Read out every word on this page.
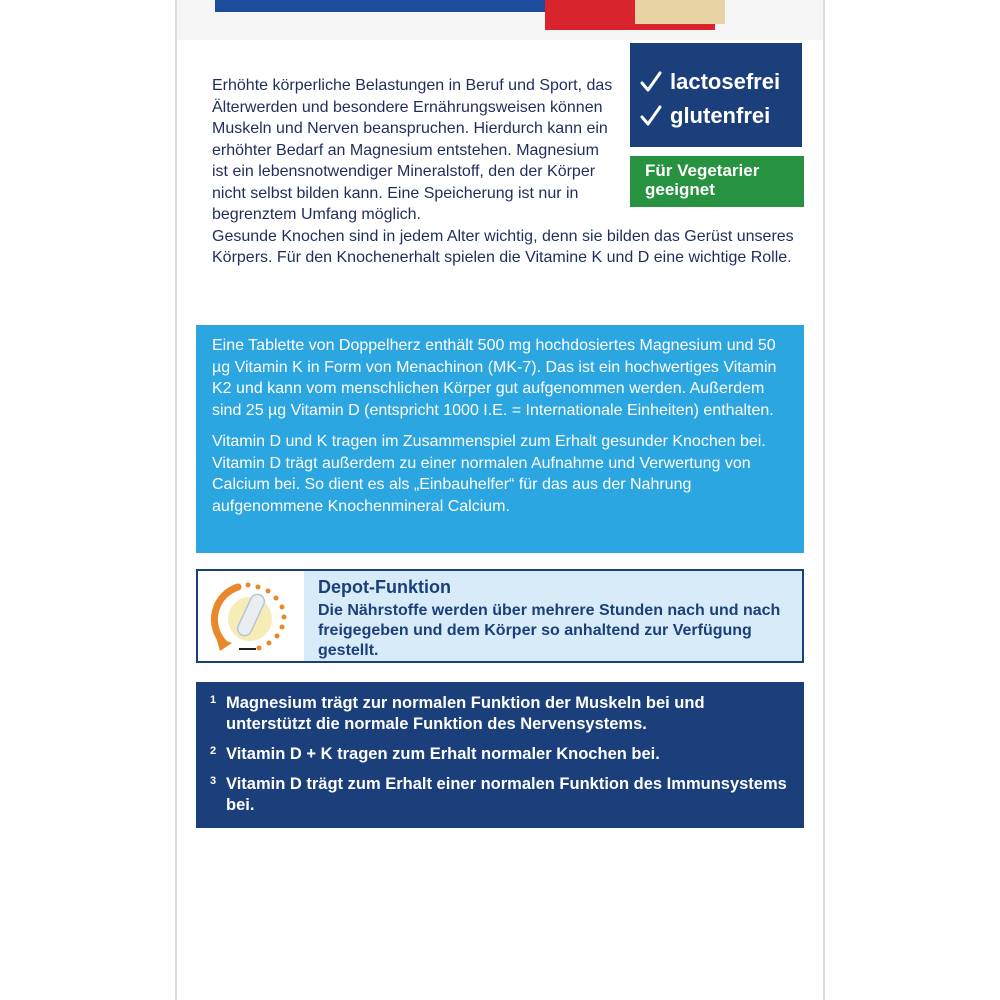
lactosefrei
glutenfrei
Für Vegetarier geeignet

Erhöhte körperliche Belastungen in Beruf und Sport, das Älterwerden und besondere Ernährungsweisen können Muskeln und Nerven beanspruchen. Hierdurch kann ein erhöhter Bedarf an Magnesium entstehen. Magnesium ist ein lebensnotwendiger Mineralstoff, den der Körper nicht selbst bilden kann. Eine Speicherung ist nur in begrenztem Umfang möglich.

Gesunde Knochen sind in jedem Alter wichtig, denn sie bilden das Gerüst unseres Körpers. Für den Knochenerhalt spielen die Vitamine K und D eine wichtige Rolle.

Eine Tablette von Doppelherz enthält 500 mg hochdosiertes Magnesium und 50 µg Vitamin K in Form von Menachinon (MK-7). Das ist ein hochwertiges Vitamin K2 und kann vom menschlichen Körper gut aufgenommen werden. Außerdem sind 25 µg Vitamin D (entspricht 1000 I.E. = Internationale Einheiten) enthalten.

Vitamin D und K tragen im Zusammenspiel zum Erhalt gesunder Knochen bei. Vitamin D trägt außerdem zu einer normalen Aufnahme und Verwertung von Calcium bei. So dient es als „Einbauhelfer“ für das aus der Nahrung aufgenommene Knochenmineral Calcium.

Depot-Funktion
Die Nährstoffe werden über mehrere Stunden nach und nach freigegeben und dem Körper so anhaltend zur Verfügung gestellt.
1 Magnesium trägt zur normalen Funktion der Muskeln bei und unterstützt die normale Funktion des Nervensystems.
2 Vitamin D + K tragen zum Erhalt normaler Knochen bei.
3 Vitamin D trägt zum Erhalt einer normalen Funktion des Immunsystems bei.
